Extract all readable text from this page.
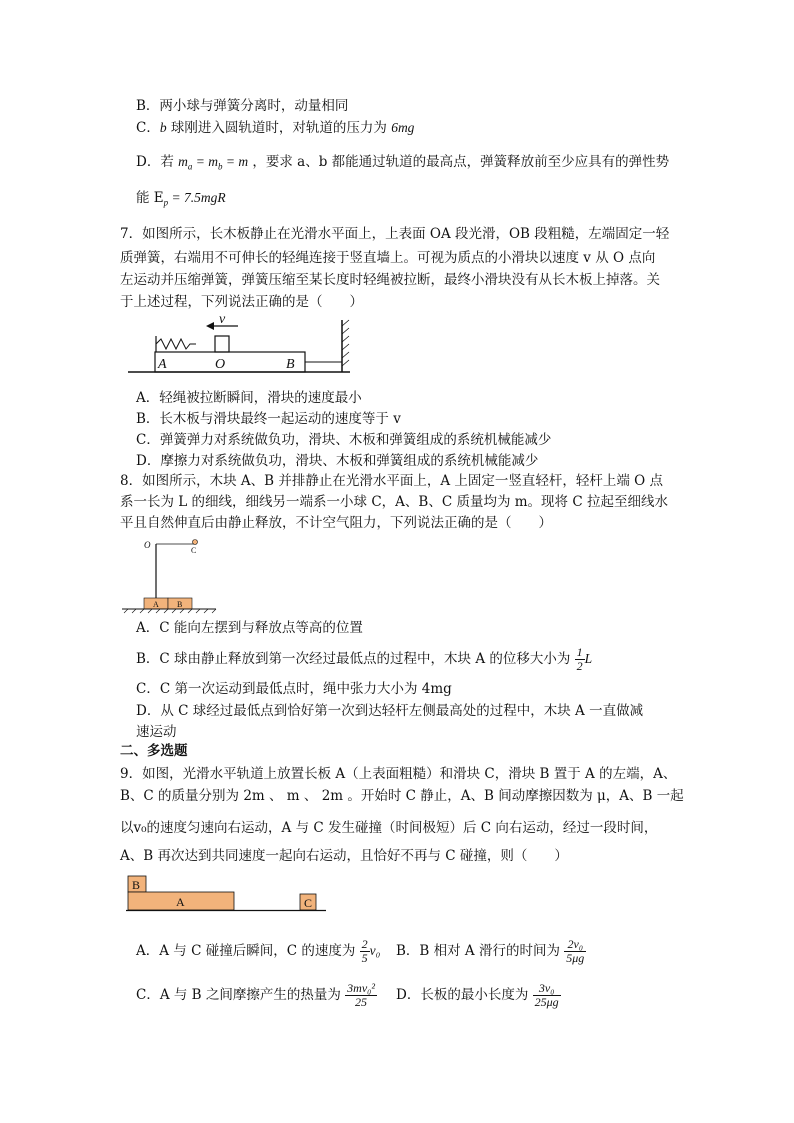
B．两小球与弹簧分离时，动量相同
C．b 球刚进入圆轨道时，对轨道的压力为 6mg
D．若 $m_a = m_b = m$ ，要求 a、b 都能通过轨道的最高点，弹簧释放前至少应具有的弹性势
能 $E_p = 7.5mgR$
7．如图所示，长木板静止在光滑水平面上，上表面 OA 段光滑，OB 段粗糙，左端固定一轻
质弹簧，右端用不可伸长的轻绳连接于竖直墙上。可视为质点的小滑块以速度 v 从 O 点向
左运动并压缩弹簧，弹簧压缩至某长度时轻绳被拉断，最终小滑块没有从长木板上掉落。关
于上述过程，下列说法正确的是（　　）
v
A	O	B
A．轻绳被拉断瞬间，滑块的速度最小
B．长木板与滑块最终一起运动的速度等于 v
C．弹簧弹力对系统做负功，滑块、木板和弹簧组成的系统机械能减少
D．摩擦力对系统做负功，滑块、木板和弹簧组成的系统机械能减少
8．如图所示，木块 A、B 并排静止在光滑水平面上，A 上固定一竖直轻杆，轻杆上端 O 点
系一长为 L 的细线，细线另一端系一小球 C，A、B、C 质量均为 m。现将 C 拉起至细线水
平且自然伸直后由静止释放，不计空气阻力，下列说法正确的是（　　）
O
C
A B
A．C 能向左摆到与释放点等高的位置
B．C 球由静止释放到第一次经过最低点的过程中，木块 A 的位移大小为 $\frac{1}{2}$ L
C．C 第一次运动到最低点时，绳中张力大小为 4mg
D．从 C 球经过最低点到恰好第一次到达轻杆左侧最高处的过程中，木块 A 一直做减
速运动
二、多选题
9．如图，光滑水平轨道上放置长板 A（上表面粗糙）和滑块 C，滑块 B 置于 A 的左端，A、
B、C 的质量分别为 2m 、 m 、 2m 。开始时 C 静止，A、B 间动摩擦因数为 μ，A、B 一起
以v₀的速度匀速向右运动，A 与 C 发生碰撞（时间极短）后 C 向右运动，经过一段时间，
A、B 再次达到共同速度一起向右运动，且恰好不再与 C 碰撞，则（　　）
B
A	C
A．A 与 C 碰撞后瞬间，C 的速度为 $\frac{2}{5} v_0$ B．B 相对 A 滑行的时间为 $\frac{\text{2v₀}}{5\mu g}$
C．A 与 B 之间摩擦产生的热量为 $\frac{\text{3mv₀²}}{25}$ D．长板的最小长度为 $\frac{\text{3v₀}}{25\mu g}$
